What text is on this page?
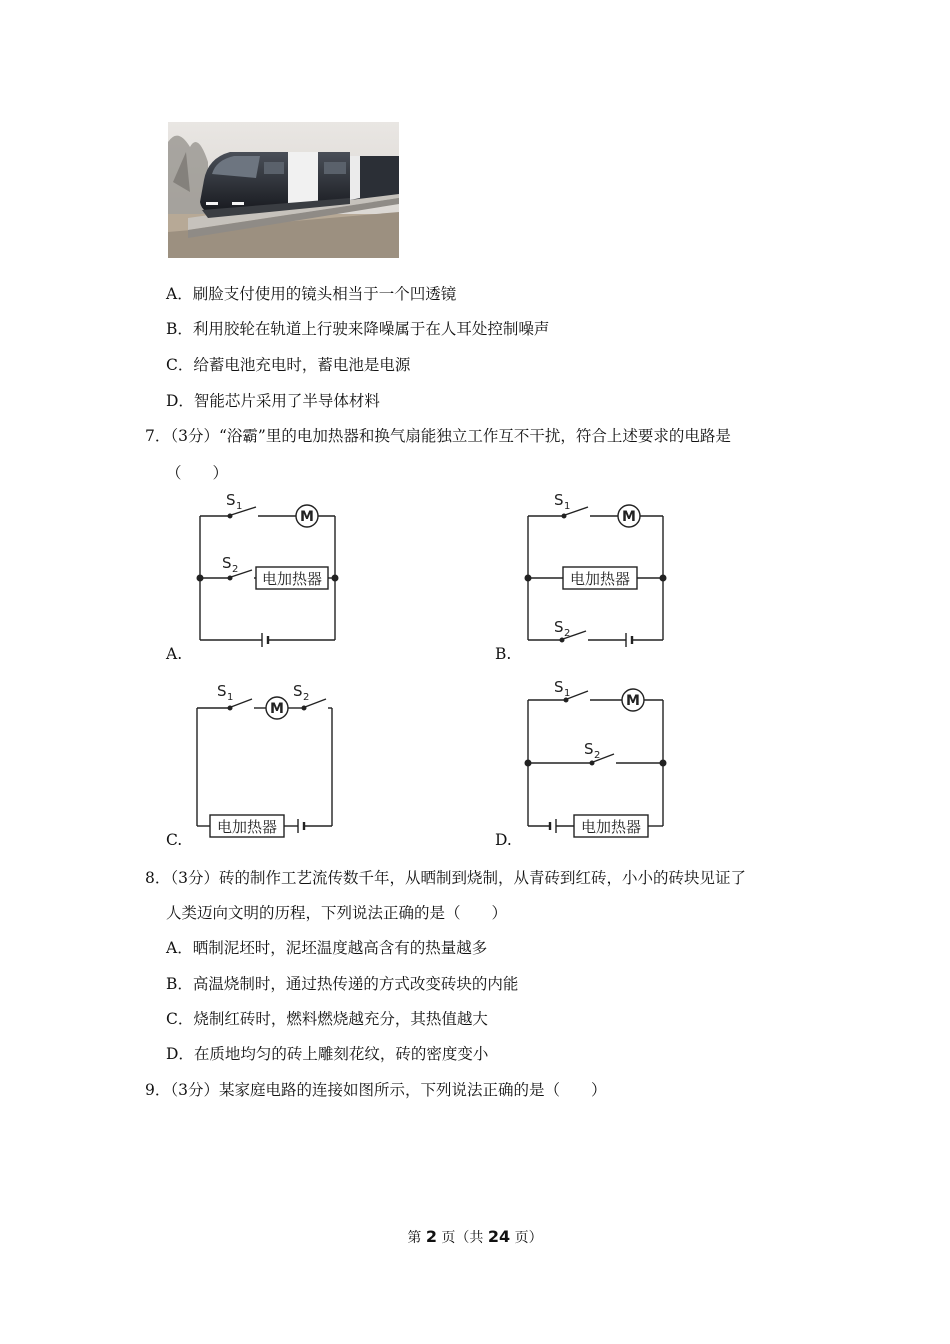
A．刷脸支付使用的镜头相当于一个凹透镜
B．利用胶轮在轨道上行驶来降噪属于在人耳处控制噪声
C．给蓄电池充电时，蓄电池是电源
D．智能芯片采用了半导体材料
7．（3分）“浴霸”里的电加热器和换气扇能独立工作互不干扰，符合上述要求的电路是
（　　）
M
S 1
S 2
电加热器
A.
M
S 1
S 2
电加热器
B.
M
S 1	S 2
电加热器
C.
M
S 1
S 2
电加热器
D.
8．（3分）砖的制作工艺流传数千年，从晒制到烧制，从青砖到红砖，小小的砖块见证了
人类迈向文明的历程，下列说法正确的是（　　）
A．晒制泥坯时，泥坯温度越高含有的热量越多
B．高温烧制时，通过热传递的方式改变砖块的内能
C．烧制红砖时，燃料燃烧越充分，其热值越大
D．在质地均匀的砖上雕刻花纹，砖的密度变小
9．（3分）某家庭电路的连接如图所示，下列说法正确的是（　　）
第 2 页（共 24 页）
